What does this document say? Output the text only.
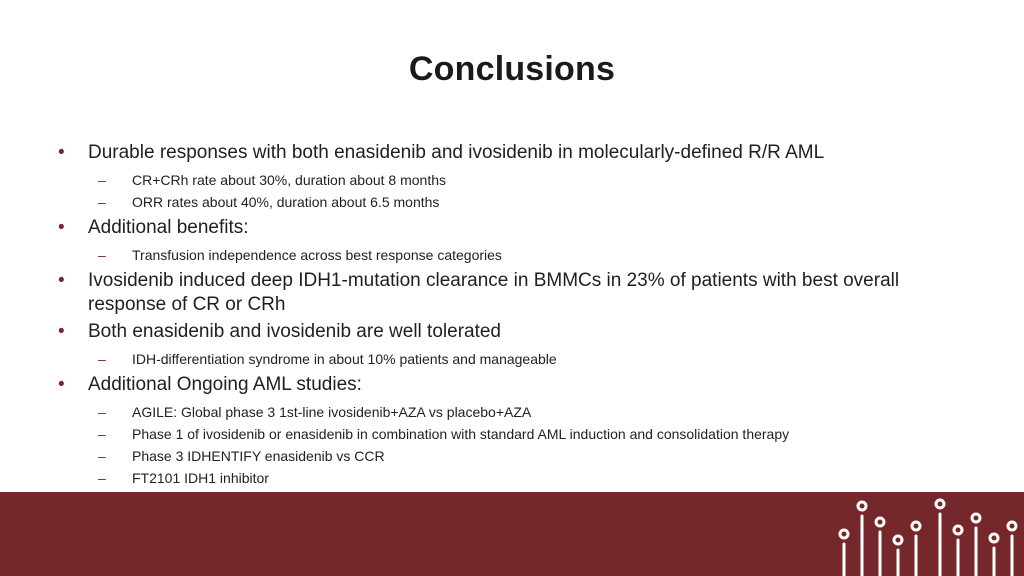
Conclusions
•	Durable responses with both enasidenib and ivosidenib in molecularly-defined R/R AML
–	CR+CRh rate about 30%, duration about 8 months
–	ORR rates about 40%, duration about 6.5 months
•	Additional benefits:
–	Transfusion independence across best response categories
•	Ivosidenib induced deep IDH1-mutation clearance in BMMCs in 23% of patients with best overall response of CR or CRh
•	Both enasidenib and ivosidenib are well tolerated
–	IDH-differentiation syndrome in about 10% patients and manageable
•	Additional Ongoing AML studies:
–	AGILE: Global phase 3 1st-line ivosidenib+AZA vs placebo+AZA
–	Phase 1 of ivosidenib or enasidenib in combination with standard AML induction and consolidation therapy
–	Phase 3 IDHENTIFY enasidenib vs CCR
–	FT2101 IDH1 inhibitor
